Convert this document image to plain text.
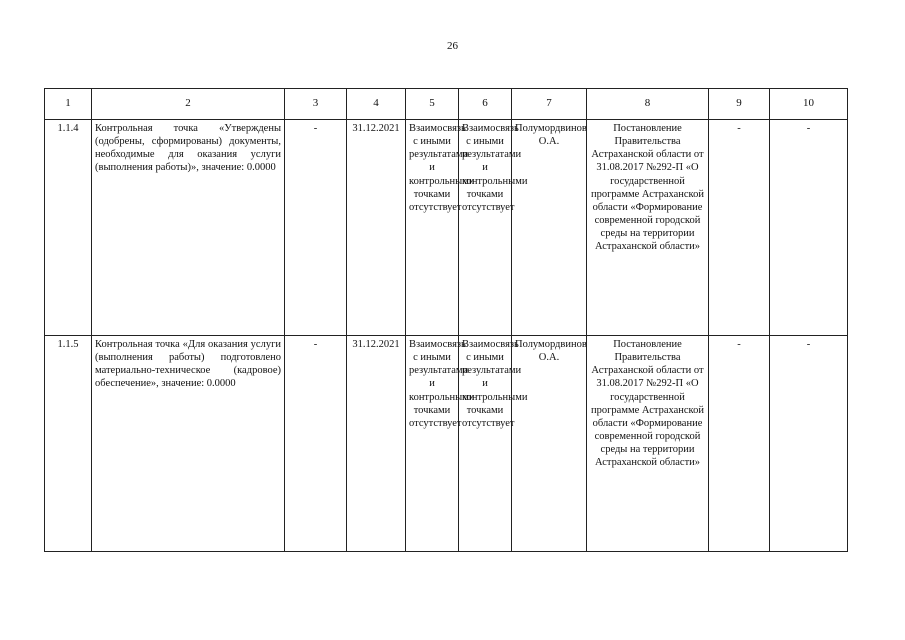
26
1	2	3	4	5	6	7	8	9	10
1.1.4	Контрольная точка «Утверждены (одобрены, сформированы) документы, необходимые для оказания услуги (выполнения работы)», значение: 0.0000	-	31.12.2021	Взаимосвязь с иными результатами и контрольными точками отсутствует	Взаимосвязь с иными результатами и контрольными точками отсутствует	Полумордвинов О.А.	Постановление Правительства Астраханской области от 31.08.2017 №292-П «О государственной программе Астраханской области «Формирование современной городской среды на территории Астраханской области»	-	-
1.1.5	Контрольная точка «Для оказания услуги (выполнения работы) подготовлено материально-техническое (кадровое) обеспечение», значение: 0.0000	-	31.12.2021	Взаимосвязь с иными результатами и контрольными точками отсутствует	Взаимосвязь с иными результатами и контрольными точками отсутствует	Полумордвинов О.А.	Постановление Правительства Астраханской области от 31.08.2017 №292-П «О государственной программе Астраханской области «Формирование современной городской среды на территории Астраханской области»	-	-
